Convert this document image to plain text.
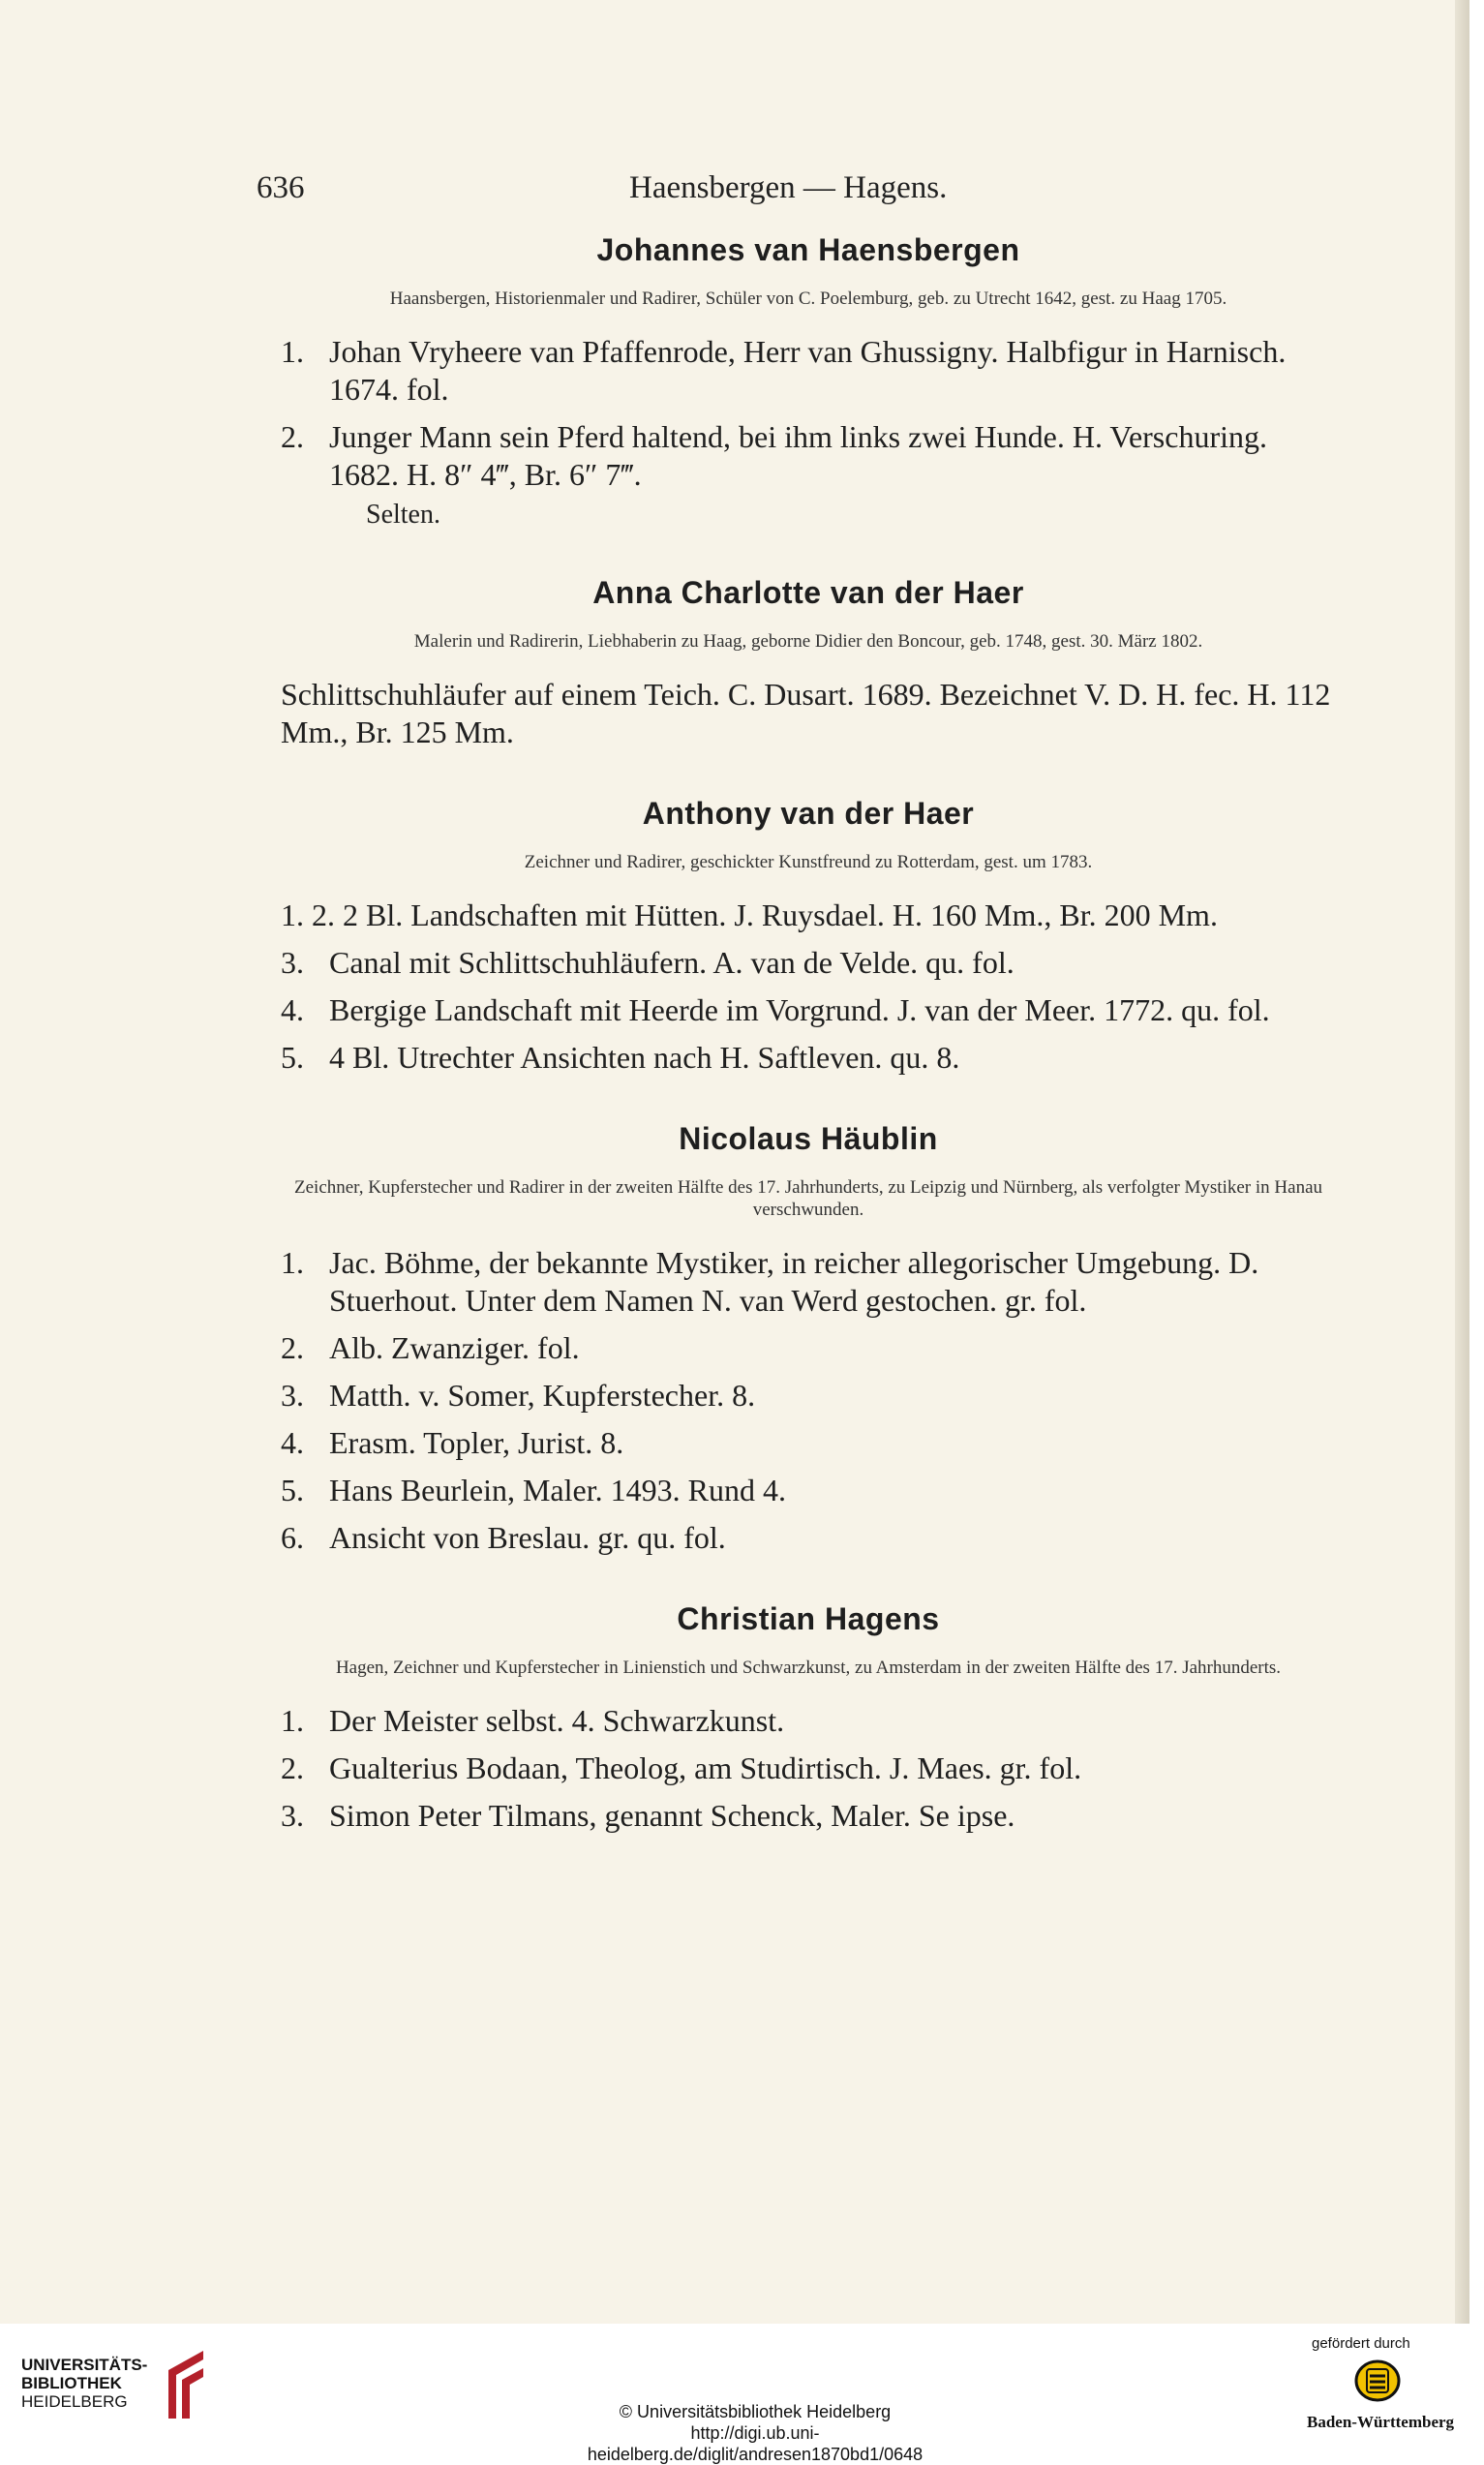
636	Haensbergen — Hagens.
Johannes van Haensbergen
Haansbergen, Historienmaler und Radirer, Schüler von C. Poelemburg, geb. zu Utrecht 1642, gest. zu Haag 1705.
1. Johan Vryheere van Pfaffenrode, Herr van Ghussigny. Halbfigur in Harnisch. 1674. fol.
2. Junger Mann sein Pferd haltend, bei ihm links zwei Hunde. H. Verschuring. 1682. H. 8″ 4‴, Br. 6″ 7‴.
Selten.
Anna Charlotte van der Haer
Malerin und Radirerin, Liebhaberin zu Haag, geborne Didier den Boncour, geb. 1748, gest. 30. März 1802.
Schlittschuhläufer auf einem Teich. C. Dusart. 1689. Bezeichnet V. D. H. fec. H. 112 Mm., Br. 125 Mm.
Anthony van der Haer
Zeichner und Radirer, geschickter Kunstfreund zu Rotterdam, gest. um 1783.
1. 2. 2 Bl. Landschaften mit Hütten. J. Ruysdael. H. 160 Mm., Br. 200 Mm.
3. Canal mit Schlittschuhläufern. A. van de Velde. qu. fol.
4. Bergige Landschaft mit Heerde im Vorgrund. J. van der Meer. 1772. qu. fol.
5. 4 Bl. Utrechter Ansichten nach H. Saftleven. qu. 8.
Nicolaus Häublin
Zeichner, Kupferstecher und Radirer in der zweiten Hälfte des 17. Jahrhunderts, zu Leipzig und Nürnberg, als verfolgter Mystiker in Hanau verschwunden.
1. Jac. Böhme, der bekannte Mystiker, in reicher allegorischer Umgebung. D. Stuerhout. Unter dem Namen N. van Werd gestochen. gr. fol.
2. Alb. Zwanziger. fol.
3. Matth. v. Somer, Kupferstecher. 8.
4. Erasm. Topler, Jurist. 8.
5. Hans Beurlein, Maler. 1493. Rund 4.
6. Ansicht von Breslau. gr. qu. fol.
Christian Hagens
Hagen, Zeichner und Kupferstecher in Linienstich und Schwarzkunst, zu Amsterdam in der zweiten Hälfte des 17. Jahrhunderts.
1. Der Meister selbst. 4. Schwarzkunst.
2. Gualterius Bodaan, Theolog, am Studirtisch. J. Maes. gr. fol.
3. Simon Peter Tilmans, genannt Schenck, Maler. Se ipse.
UNIVERSITÄTS-
BIBLIOTHEK
HEIDELBERG
© Universitätsbibliothek Heidelberg
http://digi.ub.uni-heidelberg.de/diglit/andresen1870bd1/0648
gefördert durch
Baden-Württemberg
